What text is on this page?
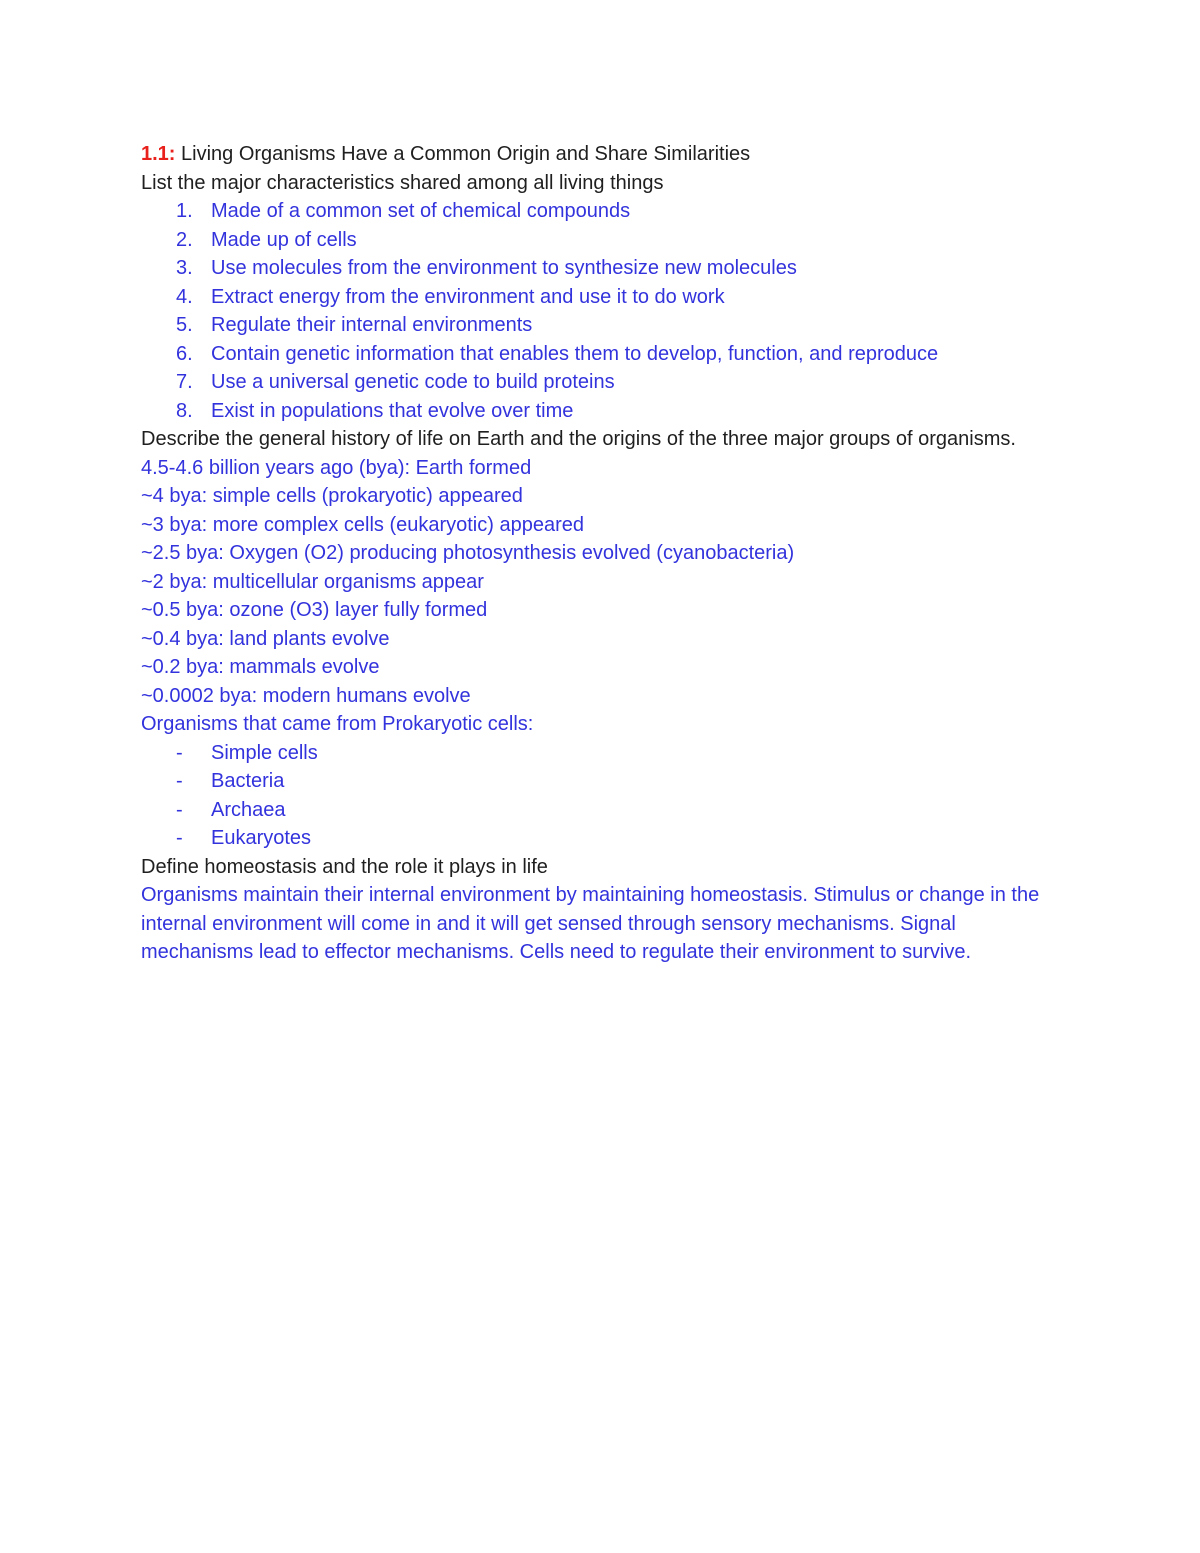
1.1: Living Organisms Have a Common Origin and Share Similarities

List the major characteristics shared among all living things

1. Made of a common set of chemical compounds
2. Made up of cells
3. Use molecules from the environment to synthesize new molecules
4. Extract energy from the environment and use it to do work
5. Regulate their internal environments
6. Contain genetic information that enables them to develop, function, and reproduce
7. Use a universal genetic code to build proteins
8. Exist in populations that evolve over time

Describe the general history of life on Earth and the origins of the three major groups of organisms.

4.5-4.6 billion years ago (bya): Earth formed

~4 bya: simple cells (prokaryotic) appeared

~3 bya: more complex cells (eukaryotic) appeared

~2.5 bya: Oxygen (O2) producing photosynthesis evolved (cyanobacteria)

~2 bya: multicellular organisms appear

~0.5 bya: ozone (O3) layer fully formed

~0.4 bya: land plants evolve

~0.2 bya: mammals evolve

~0.0002 bya: modern humans evolve

Organisms that came from Prokaryotic cells:

-	Simple cells
-	Bacteria
-	Archaea
-	Eukaryotes

Define homeostasis and the role it plays in life

Organisms maintain their internal environment by maintaining homeostasis. Stimulus or change in the internal environment will come in and it will get sensed through sensory mechanisms. Signal mechanisms lead to effector mechanisms. Cells need to regulate their environment to survive.
